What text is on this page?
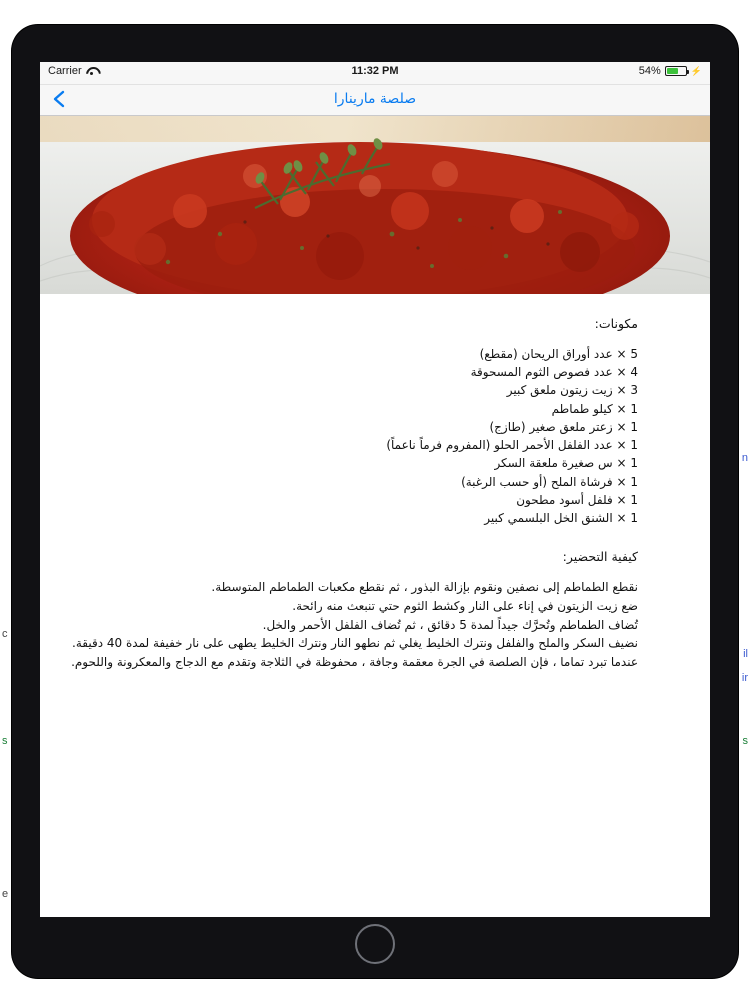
c
s
e
n
il
ir
s
Carrier	11:32 PM	54%	⚡
صلصة مارينارا
مكونات:
5 × عدد أوراق الريحان (مقطع)
4 × عدد فصوص الثوم المسحوقة
3 × زيت زيتون ملعق كبير
1 × كيلو طماطم
1 × زعتر ملعق صغير (طازج)
1 × عدد الفلفل الأحمر الحلو (المفروم فرماً ناعماً)
1 × س صغيرة ملعقة السكر
1 × فرشاة الملح (أو حسب الرغبة)
1 × فلفل أسود مطحون
1 × الشنق الخل البلسمي كبير
كيفية التحضير:

نقطع الطماطم إلى نصفين ونقوم بإزالة البذور ، ثم نقطع مكعبات الطماطم المتوسطة.

ضع زيت الزيتون في إناء على النار وكشط الثوم حتي تنبعث منه رائحة.

تُضاف الطماطم وتُحرَّك جيداً لمدة 5 دقائق ، ثم تُضاف الفلفل الأحمر والخل.

نضيف السكر والملح والفلفل ونترك الخليط يغلي ثم نطهو النار ونترك الخليط يطهى على نار خفيفة لمدة 40 دقيقة.

عندما تبرد تماما ، فإن الصلصة في الجرة معقمة وجافة ، محفوظة في الثلاجة وتقدم مع الدجاج والمعكرونة واللحوم.
